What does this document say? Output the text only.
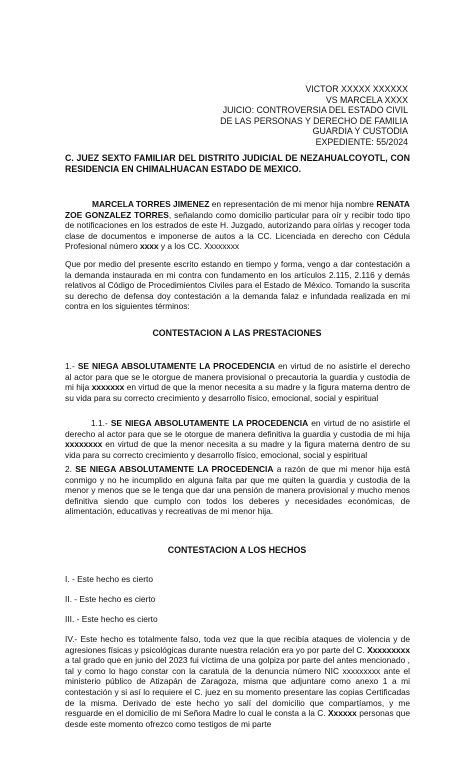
VICTOR XXXXX XXXXXX
VS MARCELA XXXX
JUICIO: CONTROVERSIA DEL ESTADO CIVIL
DE LAS PERSONAS Y DERECHO DE FAMILIA
GUARDIA Y CUSTODIA
EXPEDIENTE: 55/2024

C. JUEZ SEXTO FAMILIAR DEL DISTRITO JUDICIAL DE NEZAHUALCOYOTL, CON RESIDENCIA EN CHIMALHUACAN ESTADO DE MEXICO.

MARCELA TORRES JIMENEZ en representación de mi menor hija nombre RENATA ZOE GONZALEZ TORRES, señalando como domicilio particular para oír y recibir todo tipo de notificaciones en los estrados de este H. Juzgado, autorizando para oírlas y recoger toda clase de documentos e imponerse de autos a la CC. Licenciada en derecho con Cédula Profesional número xxxx y a los CC. Xxxxxxxx

Que por medio del presente escrito estando en tiempo y forma, vengo a dar contestación a la demanda instaurada en mi contra con fundamento en los artículos 2.115, 2.116 y demás relativos al Código de Procedimientos Civiles para el Estado de México. Tomando la suscrita su derecho de defensa doy contestación a la demanda falaz e infundada realizada en mi contra en los siguientes términos:

CONTESTACION A LAS PRESTACIONES

1.- SE NIEGA ABSOLUTAMENTE LA PROCEDENCIA en virtud de no asistirle el derecho al actor para que se le otorgue de manera provisional o precautoria la guardia y custodia de mi hija xxxxxxx en virtud de que la menor necesita a su madre y la figura materna dentro de su vida para su correcto crecimiento y desarrollo físico, emocional, social y espiritual

1.1.- SE NIEGA ABSOLUTAMENTE LA PROCEDENCIA en virtud de no asistirle el derecho al actor para que se le otorgue de manera definitiva la guardia y custodia de mi hija xxxxxxxx en virtud de que la menor necesita a su madre y la figura materna dentro de su vida para su correcto crecimiento y desarrollo físico, emocional, social y espiritual

2. SE NIEGA ABSOLUTAMENTE LA PROCEDENCIA a razón de que mi menor hija está conmigo y no he incumplido en alguna falta par que me quiten la guardia y custodia de la menor y menos que se le tenga que dar una pensión de manera provisional y mucho menos definitiva siendo que cumplo con todos los deberes y necesidades económicas, de alimentación, educativas y recreativas de mi menor hija.

CONTESTACION A LOS HECHOS

I. - Este hecho es cierto

II. - Este hecho es cierto

III. - Este hecho es cierto

IV.- Este hecho es totalmente falso, toda vez que la que recibía ataques de violencia y de agresiones físicas y psicológicas durante nuestra relación era yo por parte del C. Xxxxxxxxx a tal grado que en junio del 2023 fui víctima de una golpiza por parte del antes mencionado , tal y como lo hago constar con la caratula de la denuncia número NIC xxxxxxxxx ante el ministerio público de Atizapán de Zaragoza, misma que adjuntare como anexo 1 a mi contestación y si así lo requiere el C. juez en su momento presentare las copias Certificadas de la misma. Derivado de este hecho yo salí del domicilio que compartíamos, y me resguarde en el domicilio de mi Señora Madre lo cual le consta a la C. Xxxxxx personas que desde este momento ofrezco como testigos de mi parte
